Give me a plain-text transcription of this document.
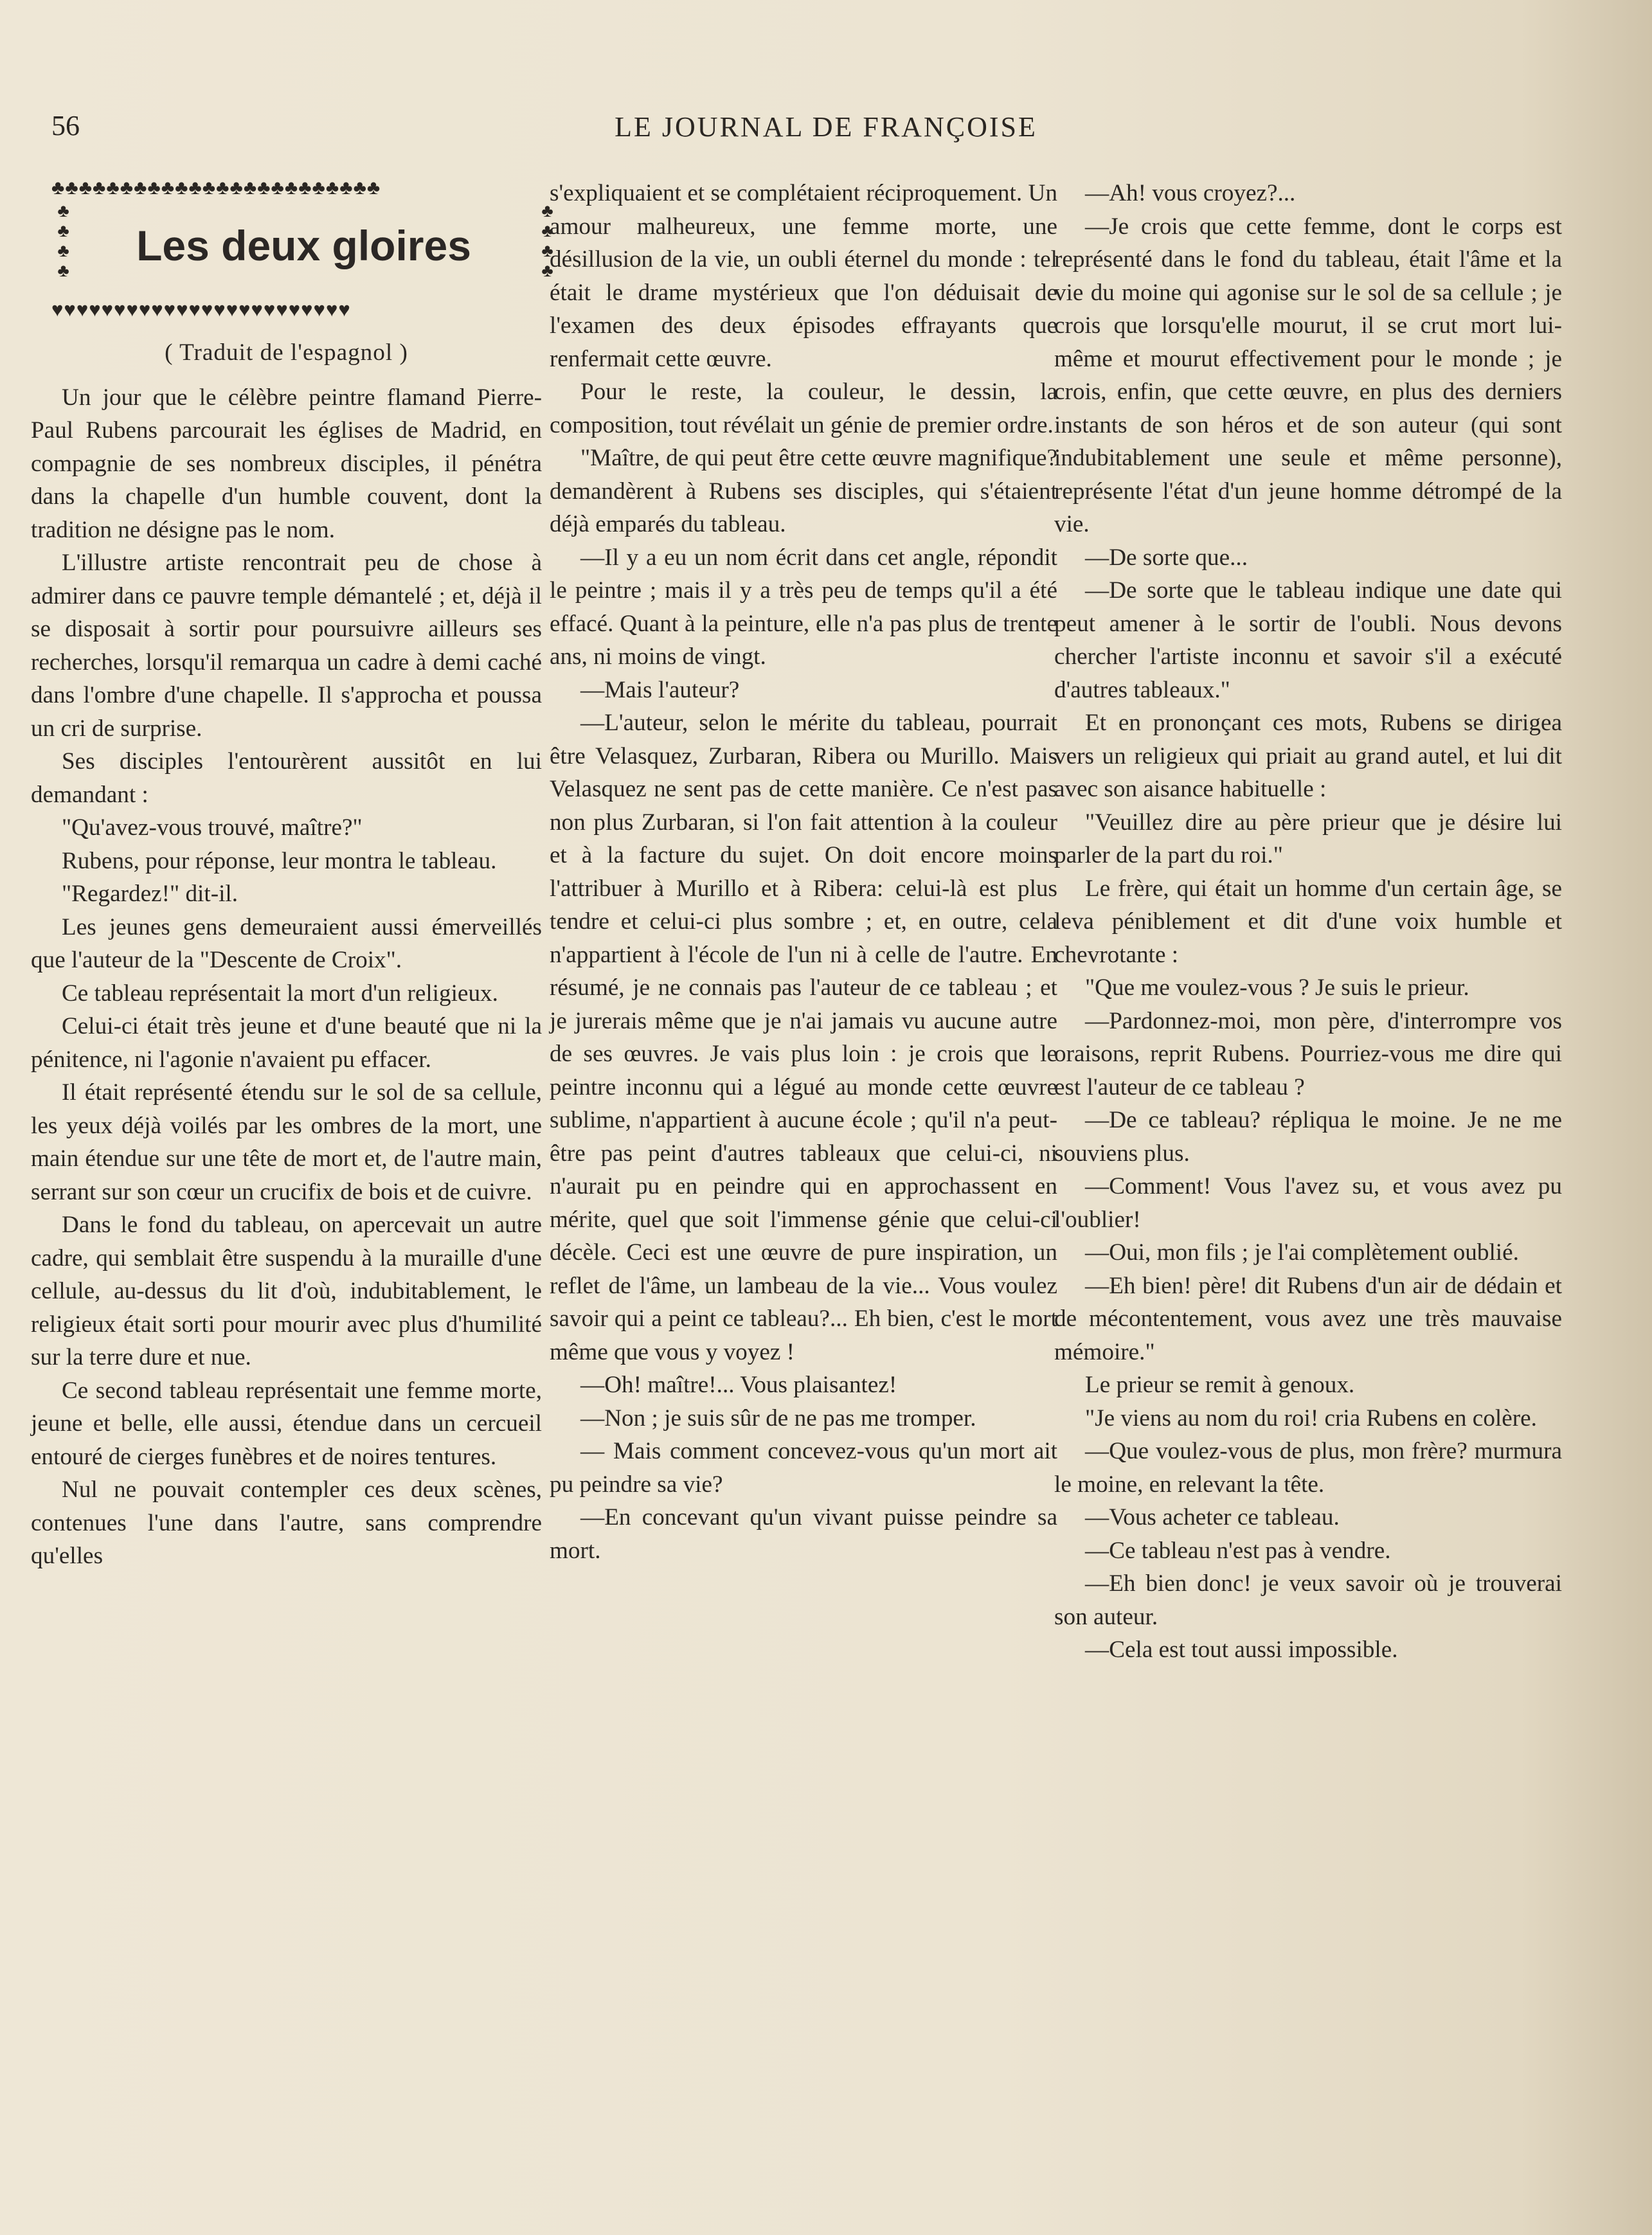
56	LE JOURNAL DE FRANÇOISE
♣♣♣♣♣♣♣♣♣♣♣♣♣♣♣♣♣♣♣♣♣♣♣♣
♣♣♣♣	Les deux gloires	♣♣♣♣
♥♥♥♥♥♥♥♥♥♥♥♥♥♥♥♥♥♥♥♥♥♥♥♥

( Traduit de l'espagnol )

Un jour que le célèbre peintre flamand Pierre-Paul Rubens parcourait les églises de Madrid, en compagnie de ses nombreux disciples, il pénétra dans la chapelle d'un humble couvent, dont la tradition ne désigne pas le nom.

L'illustre artiste rencontrait peu de chose à admirer dans ce pauvre temple démantelé ; et, déjà il se disposait à sortir pour poursuivre ailleurs ses recherches, lorsqu'il remarqua un cadre à demi caché dans l'ombre d'une chapelle. Il s'approcha et poussa un cri de surprise.

Ses disciples l'entourèrent aussitôt en lui demandant :

"Qu'avez-vous trouvé, maître?"

Rubens, pour réponse, leur montra le tableau.

"Regardez!" dit-il.

Les jeunes gens demeuraient aussi émerveillés que l'auteur de la "Descente de Croix".

Ce tableau représentait la mort d'un religieux.

Celui-ci était très jeune et d'une beauté que ni la pénitence, ni l'agonie n'avaient pu effacer.

Il était représenté étendu sur le sol de sa cellule, les yeux déjà voilés par les ombres de la mort, une main étendue sur une tête de mort et, de l'autre main, serrant sur son cœur un crucifix de bois et de cuivre.

Dans le fond du tableau, on apercevait un autre cadre, qui semblait être suspendu à la muraille d'une cellule, au-dessus du lit d'où, indubitablement, le religieux était sorti pour mourir avec plus d'humilité sur la terre dure et nue.

Ce second tableau représentait une femme morte, jeune et belle, elle aussi, étendue dans un cercueil entouré de cierges funèbres et de noires tentures.

Nul ne pouvait contempler ces deux scènes, contenues l'une dans l'autre, sans comprendre qu'elles

s'expliquaient et se complétaient réciproquement. Un amour malheureux, une femme morte, une désillusion de la vie, un oubli éternel du monde : tel était le drame mystérieux que l'on déduisait de l'examen des deux épisodes effrayants que renfermait cette œuvre.

Pour le reste, la couleur, le dessin, la composition, tout révélait un génie de premier ordre.

"Maître, de qui peut être cette œuvre magnifique? demandèrent à Rubens ses disciples, qui s'étaient déjà emparés du tableau.

—Il y a eu un nom écrit dans cet angle, répondit le peintre ; mais il y a très peu de temps qu'il a été effacé. Quant à la peinture, elle n'a pas plus de trente ans, ni moins de vingt.

—Mais l'auteur?

—L'auteur, selon le mérite du tableau, pourrait être Velasquez, Zurbaran, Ribera ou Murillo. Mais Velasquez ne sent pas de cette manière. Ce n'est pas non plus Zurbaran, si l'on fait attention à la couleur et à la facture du sujet. On doit encore moins l'attribuer à Murillo et à Ribera: celui-là est plus tendre et celui-ci plus sombre ; et, en outre, cela n'appartient à l'école de l'un ni à celle de l'autre. En résumé, je ne connais pas l'auteur de ce tableau ; et je jurerais même que je n'ai jamais vu aucune autre de ses œuvres. Je vais plus loin : je crois que le peintre inconnu qui a légué au monde cette œuvre sublime, n'appartient à aucune école ; qu'il n'a peut-être pas peint d'autres tableaux que celui-ci, ni n'aurait pu en peindre qui en approchassent en mérite, quel que soit l'immense génie que celui-ci décèle. Ceci est une œuvre de pure inspiration, un reflet de l'âme, un lambeau de la vie... Vous voulez savoir qui a peint ce tableau?... Eh bien, c'est le mort même que vous y voyez !

—Oh! maître!... Vous plaisantez!

—Non ; je suis sûr de ne pas me tromper.

— Mais comment concevez-vous qu'un mort ait pu peindre sa vie?

—En concevant qu'un vivant puisse peindre sa mort.

—Ah! vous croyez?...

—Je crois que cette femme, dont le corps est représenté dans le fond du tableau, était l'âme et la vie du moine qui agonise sur le sol de sa cellule ; je crois que lorsqu'elle mourut, il se crut mort lui-même et mourut effectivement pour le monde ; je crois, enfin, que cette œuvre, en plus des derniers instants de son héros et de son auteur (qui sont indubitablement une seule et même personne), représente l'état d'un jeune homme détrompé de la vie.

—De sorte que...

—De sorte que le tableau indique une date qui peut amener à le sortir de l'oubli. Nous devons chercher l'artiste inconnu et savoir s'il a exécuté d'autres tableaux."

Et en prononçant ces mots, Rubens se dirigea vers un religieux qui priait au grand autel, et lui dit avec son aisance habituelle :

"Veuillez dire au père prieur que je désire lui parler de la part du roi."

Le frère, qui était un homme d'un certain âge, se leva péniblement et dit d'une voix humble et chevrotante :

"Que me voulez-vous ? Je suis le prieur.

—Pardonnez-moi, mon père, d'interrompre vos oraisons, reprit Rubens. Pourriez-vous me dire qui est l'auteur de ce tableau ?

—De ce tableau? répliqua le moine. Je ne me souviens plus.

—Comment! Vous l'avez su, et vous avez pu l'oublier!

—Oui, mon fils ; je l'ai complètement oublié.

—Eh bien! père! dit Rubens d'un air de dédain et de mécontentement, vous avez une très mauvaise mémoire."

Le prieur se remit à genoux.

"Je viens au nom du roi! cria Rubens en colère.

—Que voulez-vous de plus, mon frère? murmura le moine, en relevant la tête.

—Vous acheter ce tableau.

—Ce tableau n'est pas à vendre.

—Eh bien donc! je veux savoir où je trouverai son auteur.

—Cela est tout aussi impossible.
